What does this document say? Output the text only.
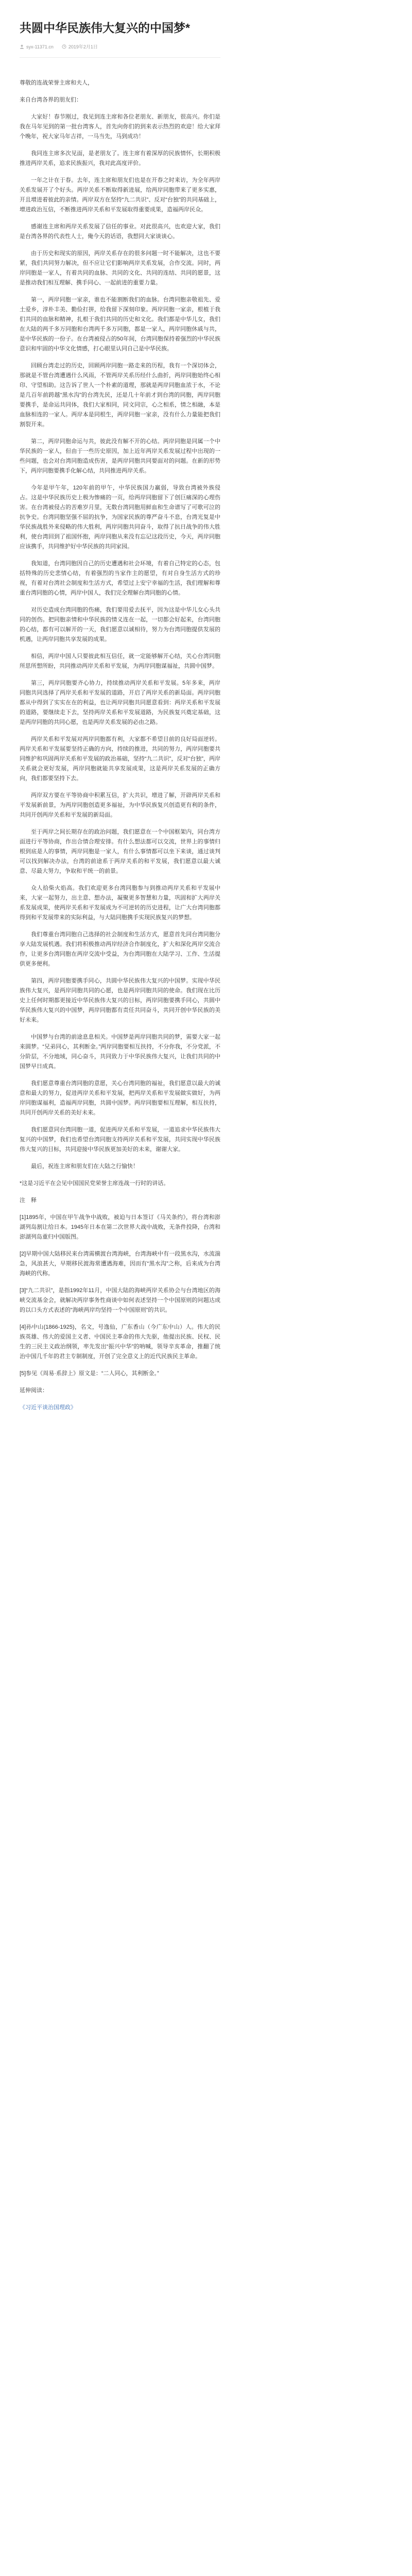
共圆中华民族伟大复兴的中国梦*
syx-11371.cn	2019年2月1日

尊敬的连战荣誉主席和夫人，

来自台湾各界的朋友们：

大家好！春节刚过，我见到连主席和各位老朋友、新朋友，很高兴。你们是我在马年见到的第一批台湾客人，首先向你们的到来表示热烈的欢迎！给大家拜个晚年，祝大家马年吉祥，一马当先，马到成功！

我同连主席多次见面，是老朋友了。连主席有着深厚的民族情怀，长期积极推进两岸关系，追求民族振兴，我对此高度评价。

一年之计在于春。去年，连主席和朋友们也是在开春之时来访，为全年两岸关系发展开了个好头。两岸关系不断取得新进展，给两岸同胞带来了更多实惠，开且增进着彼此的亲情。两岸双方在坚持“九二共识”、反对“台独”的共同基础上，增进政治互信，不断推进两岸关系和平发展取得重要成果，造福两岸民众。

感谢连主席和两岸关系发展了信任的事业。对此很高兴，也欢迎大家，我们是台湾各界的代表性人士，俺今天的话语，我想同大家谈谈心。

由于历史和现实的原因，两岸关系存在的很多问题一时不能解决，这也不要紧，我们共同努力解决，但不应让它们影响两岸关系发展，合作交流。同时，两岸同胞是一家人，有着共同的血脉、共同的文化、共同的连结、共同的愿景，这是推动我们相互理解、携手同心、一起前进的重要力量。

第一，两岸同胞一家亲，谁也不能割断我们的血脉。台湾同胞亲敬祖先、爱土爱乡，淳朴丰美、勤俭打拼，给我留下深刻印象。两岸同胞一家亲，根植于我们共同的血脉和精神，扎根于我们共同的历史和文化。我们都是中华儿女，我们在大陆的两千多万同胞和台湾两千多万同胞，都是一家人，两岸同胞休戚与共，是中华民族的一份子。在台湾被侵占的50年间，台湾同胞保持着强烈的中华民族意识和牢固的中华文化情感，打心眼里认同自己是中华民族。

回顾台湾走过的历史，回顾两岸同胞一路走来的历程，我有一个深切体会，那就是不管台湾遭遇什么风雨，不管两岸关系历经什么曲折，两岸同胞始终心相印、守望相助。这告诉了世人一个朴素的道理，那就是两岸同胞血浓于水，不论是几百年前跨越“黑水沟”的台湾先民，还是几十年前才到台湾的同胞，两岸同胞要携手，是命运共同体，我们大家相同，同文同宗，心之相系，情之相融，本是血脉相连的一家人。两岸本是同根生，两岸同胞一家亲，没有什么力量能把我们割裂开来。

第二，两岸同胞命运与共，彼此没有解不开的心结。两岸同胞是同属一个中华民族的一家人，但由于一些历史原因，加上近年两岸关系发展过程中出现的一些问题，也会对台湾同胞造成伤害，是两岸同胞共同要面对的问题。在新的形势下，两岸同胞要携手化解心结，共同推进两岸关系。

今年是甲午年，120年前的甲午，中华民族国力羸弱，导致台湾被外族侵占。这是中华民族历史上极为惨痛的一页，给两岸同胞留下了创巨痛深的心理伤害。在台湾被侵占的苦难岁月里，无数台湾同胞用鲜血和生命谱写了可歌可泣的抗争史。台湾同胞坚强不屈的抗争，为国家民族的尊严奋斗不息，台湾光复是中华民族战胜外来侵略的伟大胜利，两岸同胞共同奋斗，取得了抗日战争的伟大胜利，使台湾回到了祖国怀抱，两岸同胞从来没有忘记这段历史，今天，两岸同胞应该携手，共同维护好中华民族的共同家园。

我知道，台湾同胞因自己的历史遭遇和社会环境，有着自己特定的心态，包括特殊的历史悲情心结，有着强烈的当家作主的愿望，有对自身生活方式的珍视，有着对台湾社会制度和生活方式，希望过上安宁幸福的生活，我们理解和尊重台湾同胞的心情，两岸中国人，我们完全理解台湾同胞的心情。

对历史造成台湾同胞的伤痛，我们要用爱去抚平，因为这是中华儿女心头共同的创伤。把同胞亲情和中华民族的情义连在一起，一切都会好起来，台湾同胞的心结，都有可以解开的一天，我们愿意以诚相待，努力为台湾同胞提供发展的机遇，让两岸同胞共享发展的成果。

相信，两岸中国人只要彼此相互信任，就一定能够解开心结，关心台湾同胞所思所想所盼，共同推动两岸关系和平发展，为两岸同胞谋福祉，共圆中国梦。

第三，两岸同胞要齐心协力，持续推动两岸关系和平发展。5年多来，两岸同胞共同选择了两岸关系和平发展的道路，开启了两岸关系的新局面。两岸同胞都从中得到了实实在在的利益，也让两岸同胞共同愿意看到：两岸关系和平发展的道路，要继续走下去，坚持两岸关系和平发展道路，为民族复兴奠定基础，这是两岸同胞的共同心愿，也是两岸关系发展的必由之路。

两岸关系和平发展对两岸同胞都有利，大家都不希望目前的良好局面逆转。两岸关系和平发展要坚持正确的方向，持续的推进，共同的努力，两岸同胞要共同维护和巩固两岸关系和平发展的政治基础，坚持“九二共识”，反对“台独”，两岸关系就会更好发展，两岸同胞就能共享发展成果，这是两岸关系发展的正确方向，我们都要坚持下去。

两岸双方要在平等协商中积累互信，扩大共识，增进了解，开辟两岸关系和平发展新前景，为两岸同胞创造更多福祉，为中华民族复兴创造更有利的条件，共同开创两岸关系和平发展的新局面。

至于两岸之间长期存在的政治问题，我们愿意在一个中国框架内，同台湾方面进行平等协商，作出合情合理安排。有什么想法都可以交流，世界上的事情归根到底是人的事情，两岸同胞是一家人，有什么事情都可以坐下来谈，通过谈判可以找到解决办法，台湾的前途系于两岸关系的和平发展，我们愿意以最大诚意、尽最大努力，争取和平统一的前景。

众人拾柴火焰高。我们欢迎更多台湾同胞参与到推动两岸关系和平发展中来，大家一起努力，出主意、想办法，凝聚更多智慧和力量，巩固和扩大两岸关系发展成果，使两岸关系和平发展成为不可逆转的历史进程，让广大台湾同胞都得到和平发展带来的实际利益，与大陆同胞携手实现民族复兴的梦想。

我们尊重台湾同胞自己选择的社会制度和生活方式，愿意首先同台湾同胞分享大陆发展机遇。我们将积极推动两岸经济合作制度化，扩大和深化两岸交流合作，让更多台湾同胞在两岸交流中受益，为台湾同胞在大陆学习、工作、生活提供更多便利。

第四，两岸同胞要携手同心，共圆中华民族伟大复兴的中国梦。实现中华民族伟大复兴，是两岸同胞共同的心愿，也是两岸同胞共同的使命。我们现在比历史上任何时期都更接近中华民族伟大复兴的目标，两岸同胞要携手同心，共圆中华民族伟大复兴的中国梦，两岸同胞都有责任共同奋斗，共同开创中华民族的美好未来。

中国梦与台湾的前途息息相关。中国梦是两岸同胞共同的梦，需要大家一起来圆梦。“兄弟同心，其利断金。”两岸同胞要相互扶持，不分你我，不分党派，不分阶层，不分地域，同心奋斗，共同致力于中华民族伟大复兴，让我们共同的中国梦早日成真。

我们愿意尊重台湾同胞的意愿，关心台湾同胞的福祉，我们愿意以最大的诚意和最大的努力，促进两岸关系和平发展，把两岸关系和平发展做实做好，为两岸同胞谋福利，造福两岸同胞，共圆中国梦。两岸同胞要相互理解，相互扶持，共同开创两岸关系的美好未来。

我们愿意同台湾同胞一道，促进两岸关系和平发展，一道追求中华民族伟大复兴的中国梦，我们也希望台湾同胞支持两岸关系和平发展，共同实现中华民族伟大复兴的目标，共同迎接中华民族更加美好的未来，谢谢大家。

最后，祝连主席和朋友们在大陆之行愉快！

*这是习近平在会见中国国民党荣誉主席连战一行时的讲话。

注　释

[1]1895年，中国在甲午战争中战败，被迫与日本签订《马关条约》，将台湾和澎湖列岛割让给日本。1945年日本在第二次世界大战中战败，无条件投降，台湾和澎湖列岛重归中国版图。

[2]早期中国大陆移民来台湾需横渡台湾海峡，台湾海峡中有一段黑水沟，水流湍急，风浪甚大，早期移民渡海常遭遇海难，因而有“黑水沟”之称，后来成为台湾海峡的代称。

[3]“九二共识”，是指1992年11月，中国大陆的海峡两岸关系协会与台湾地区的海峡交流基金会，就解决两岸事务性商谈中如何表述坚持一个中国原则的问题达成的以口头方式表述的“海峡两岸均坚持一个中国原则”的共识。

[4]孙中山(1866-1925)，名文，号逸仙，广东香山（今广东中山）人。伟大的民族英雄、伟大的爱国主义者、中国民主革命的伟大先驱，他提出民族、民权、民生的三民主义政治纲领，率先发出“振兴中华”的呐喊，领导辛亥革命，推翻了统治中国几千年的君主专制制度，开创了完全意义上的近代民族民主革命。

[5]参见《周易·系辞上》原文是：“二人同心，其利断金。”

延伸阅读：

《习近平谈治国理政》
